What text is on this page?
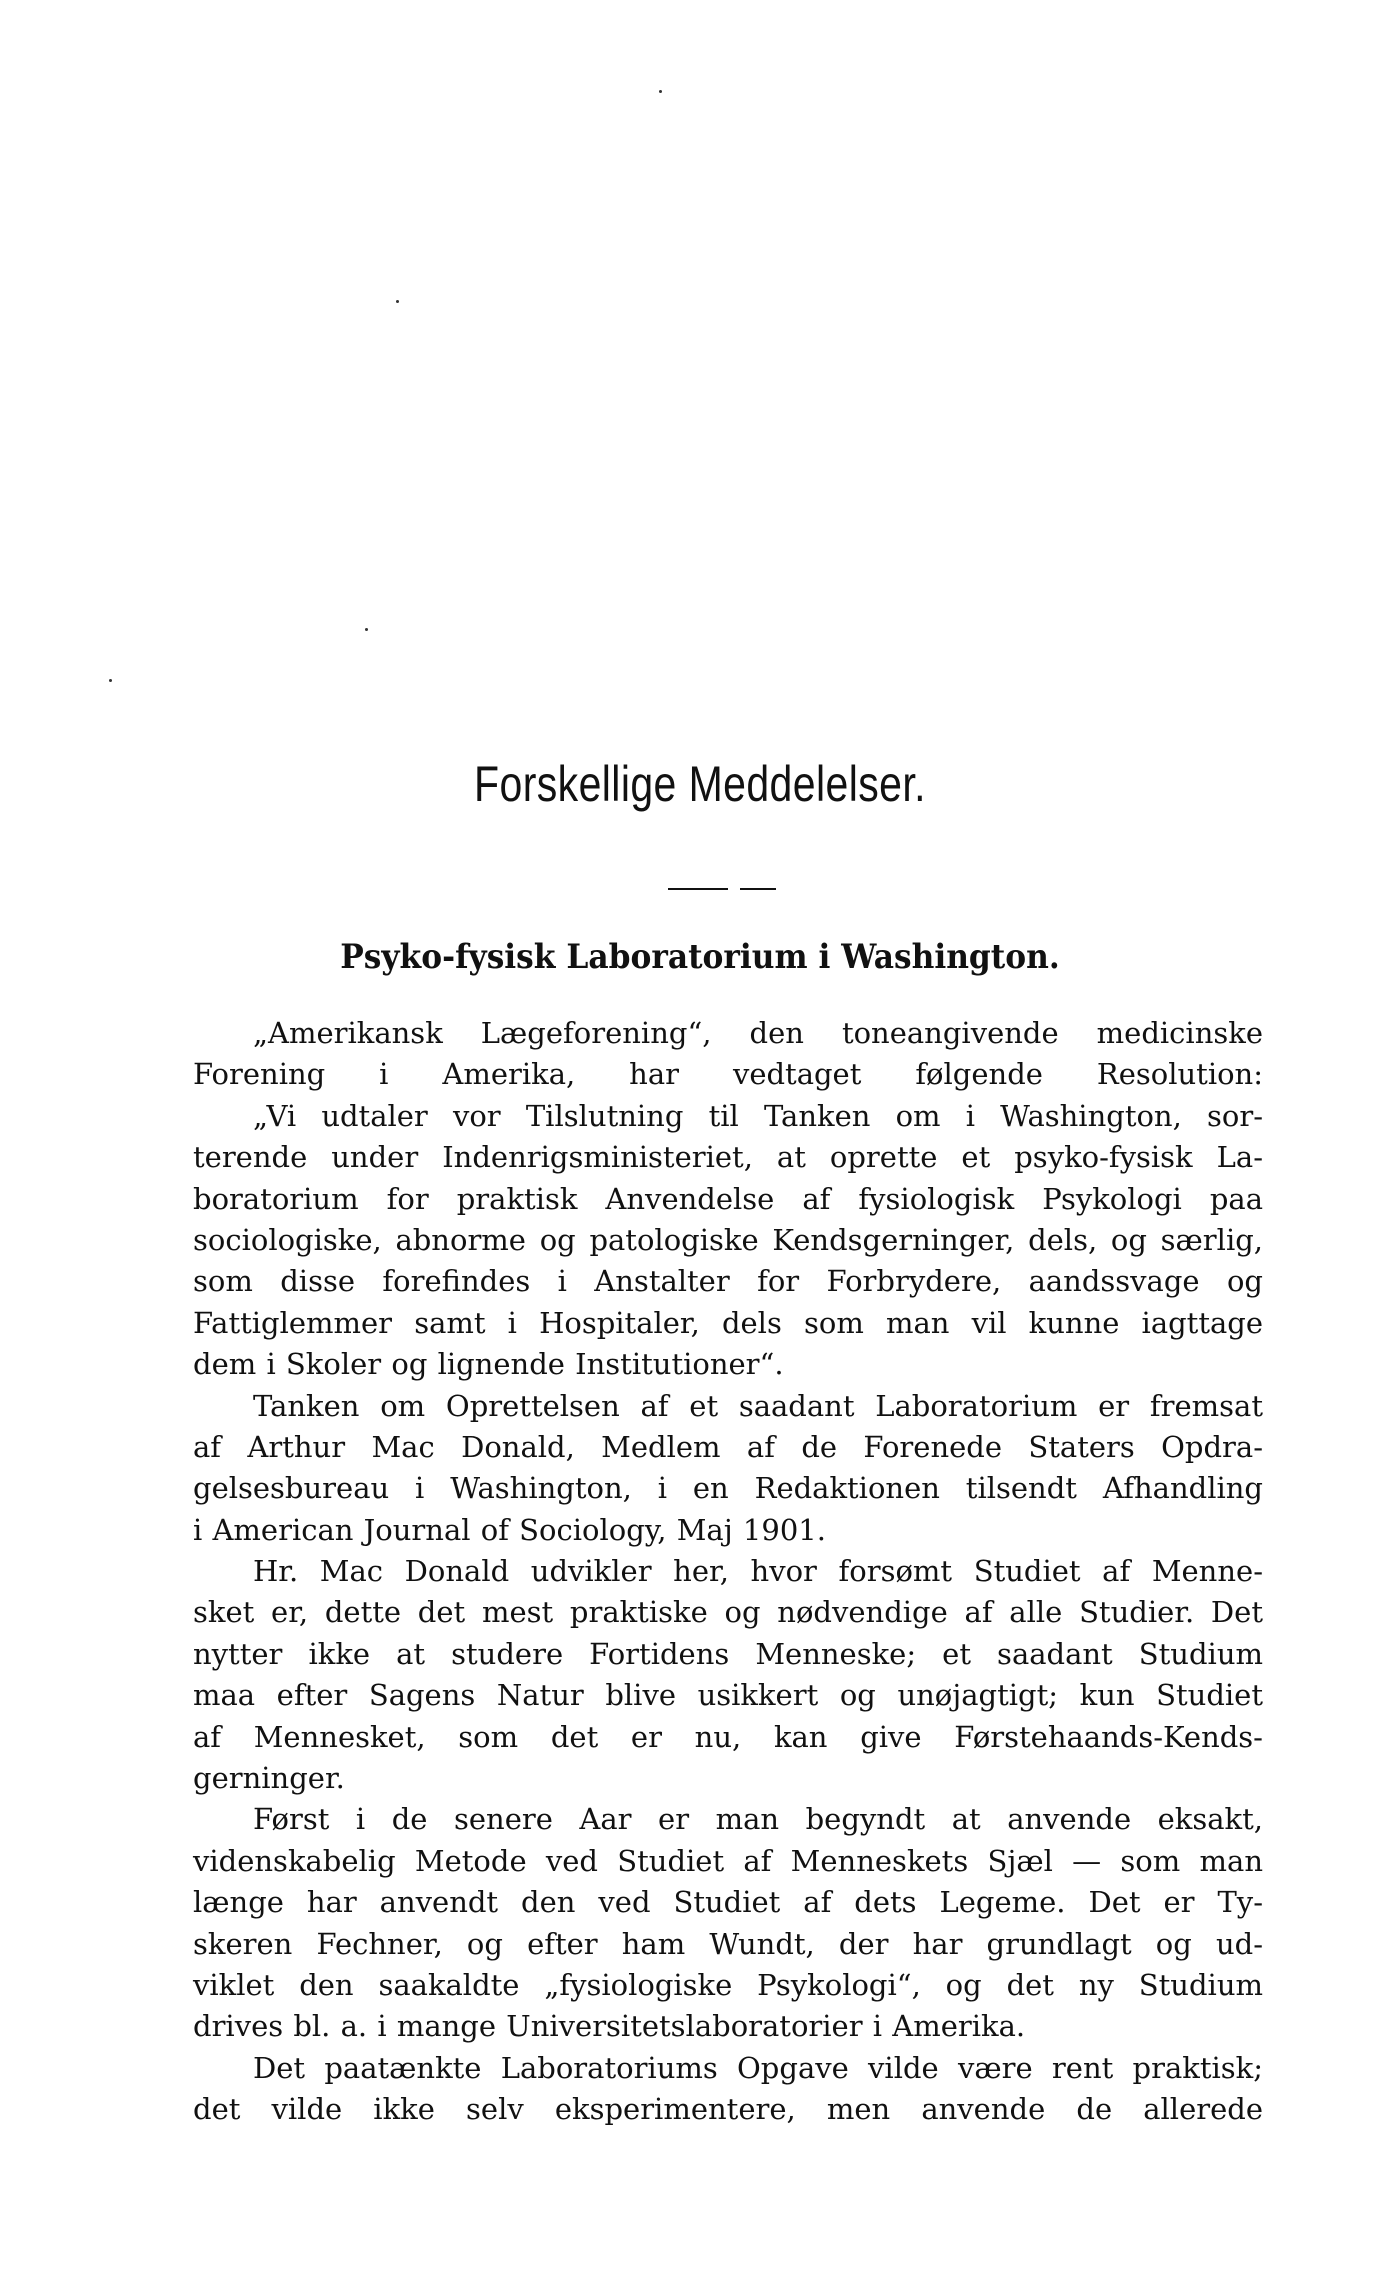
Forskellige Meddelelser.
Psyko-fysisk Laboratorium i Washington.
„Amerikansk Lægeforening“, den toneangivende medicinske
Forening i Amerika, har vedtaget følgende Resolution:
„Vi udtaler vor Tilslutning til Tanken om i Washington, sor-
terende under Indenrigsministeriet, at oprette et psyko-fysisk La-
boratorium for praktisk Anvendelse af fysiologisk Psykologi paa
sociologiske, abnorme og patologiske Kendsgerninger, dels, og særlig,
som disse forefindes i Anstalter for Forbrydere, aandssvage og
Fattiglemmer samt i Hospitaler, dels som man vil kunne iagttage
dem i Skoler og lignende Institutioner“.
Tanken om Oprettelsen af et saadant Laboratorium er fremsat
af Arthur Mac Donald, Medlem af de Forenede Staters Opdra-
gelsesbureau i Washington, i en Redaktionen tilsendt Afhandling
i American Journal of Sociology, Maj 1901.
Hr. Mac Donald udvikler her, hvor forsømt Studiet af Menne-
sket er, dette det mest praktiske og nødvendige af alle Studier. Det
nytter ikke at studere Fortidens Menneske; et saadant Studium
maa efter Sagens Natur blive usikkert og unøjagtigt; kun Studiet
af Mennesket, som det er nu, kan give Førstehaands-Kends-
gerninger.
Først i de senere Aar er man begyndt at anvende eksakt,
videnskabelig Metode ved Studiet af Menneskets Sjæl — som man
længe har anvendt den ved Studiet af dets Legeme. Det er Ty-
skeren Fechner, og efter ham Wundt, der har grundlagt og ud-
viklet den saakaldte „fysiologiske Psykologi“, og det ny Studium
drives bl. a. i mange Universitetslaboratorier i Amerika.
Det paatænkte Laboratoriums Opgave vilde være rent praktisk;
det vilde ikke selv eksperimentere, men anvende de allerede
